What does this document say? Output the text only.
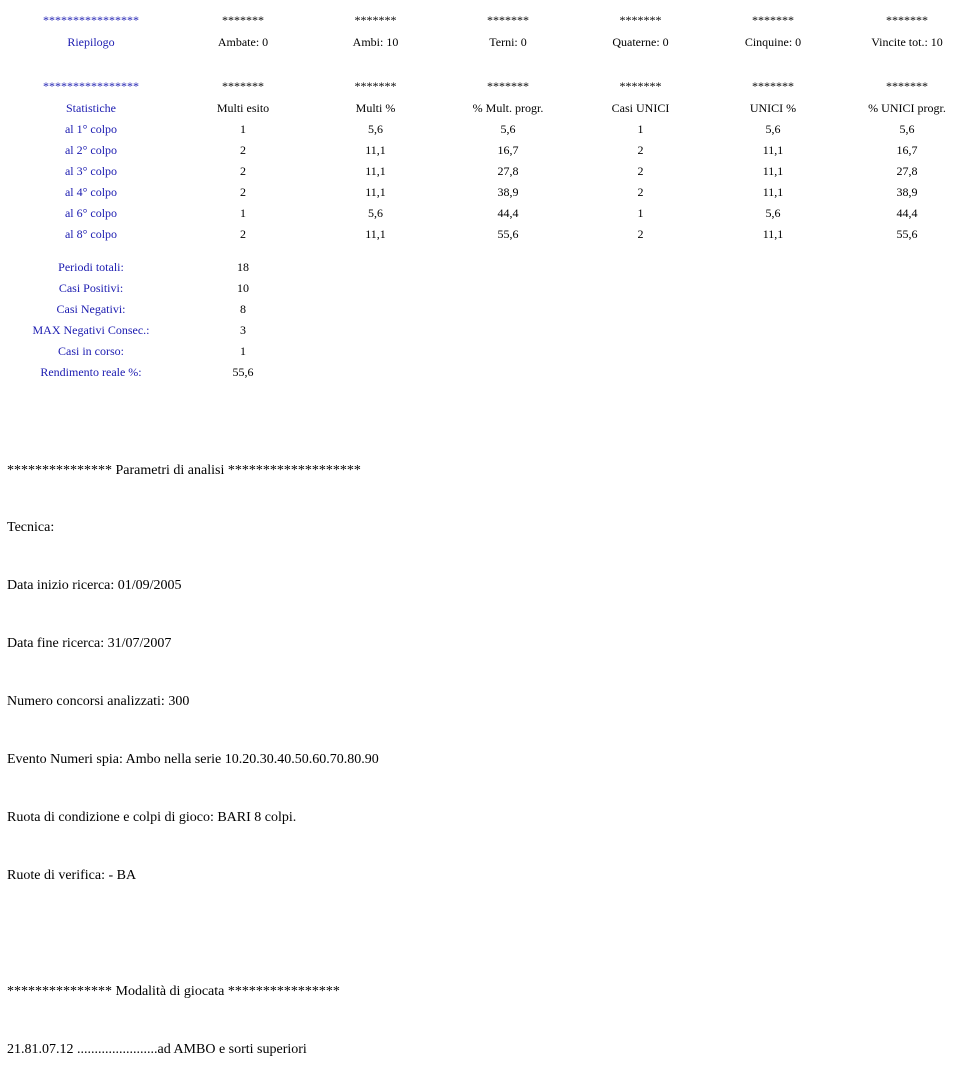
****************	*******	*******	*******	*******	*******	*******
Riepilogo	Ambate: 0	Ambi: 10	Terni: 0	Quaterne: 0	Cinquine: 0	Vincite tot.: 10
****************	*******	*******	*******	*******	*******	*******
Statistiche	Multi esito	Multi %	% Mult. progr.	Casi UNICI	UNICI %	% UNICI progr.
al 1° colpo	1	5,6	5,6	1	5,6	5,6
al 2° colpo	2	11,1	16,7	2	11,1	16,7
al 3° colpo	2	11,1	27,8	2	11,1	27,8
al 4° colpo	2	11,1	38,9	2	11,1	38,9
al 6° colpo	1	5,6	44,4	1	5,6	44,4
al 8° colpo	2	11,1	55,6	2	11,1	55,6
Periodi totali:	18
Casi Positivi:	10
Casi Negativi:	8
MAX Negativi Consec.:	3
Casi in corso:	1
Rendimento reale %:	55,6

*************** Parametri di analisi *******************

Tecnica:

Data inizio ricerca: 01/09/2005

Data fine ricerca: 31/07/2007

Numero concorsi analizzati: 300

Evento Numeri spia: Ambo nella serie 10.20.30.40.50.60.70.80.90

Ruota di condizione e colpi di gioco: BARI 8 colpi.

Ruote di verifica: - BA

*************** Modalità di giocata ****************

21.81.07.12 .......................ad AMBO e sorti superiori
